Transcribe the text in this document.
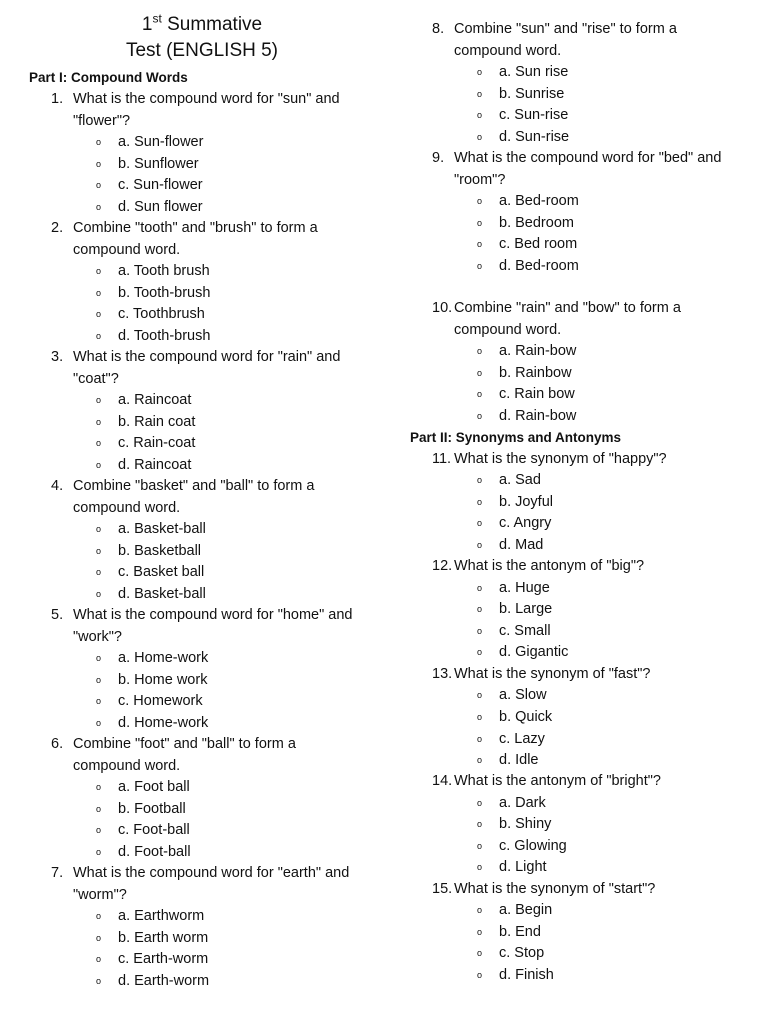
1st Summative
Test (ENGLISH 5)
Part I: Compound Words
1. What is the compound word for "sun" and "flower"?
o a. Sun-flower
o b. Sunflower
o c. Sun-flower
o d. Sun flower
2. Combine "tooth" and "brush" to form a compound word.
o a. Tooth brush
o b. Tooth-brush
o c. Toothbrush
o d. Tooth-brush
3. What is the compound word for "rain" and "coat"?
o a. Raincoat
o b. Rain coat
o c. Rain-coat
o d. Raincoat
4. Combine "basket" and "ball" to form a compound word.
o a. Basket-ball
o b. Basketball
o c. Basket ball
o d. Basket-ball
5. What is the compound word for "home" and "work"?
o a. Home-work
o b. Home work
o c. Homework
o d. Home-work
6. Combine "foot" and "ball" to form a compound word.
o a. Foot ball
o b. Football
o c. Foot-ball
o d. Foot-ball
7. What is the compound word for "earth" and "worm"?
o a. Earthworm
o b. Earth worm
o c. Earth-worm
o d. Earth-worm
8. Combine "sun" and "rise" to form a compound word.
o a. Sun rise
o b. Sunrise
o c. Sun-rise
o d. Sun-rise
9. What is the compound word for "bed" and "room"?
o a. Bed-room
o b. Bedroom
o c. Bed room
o d. Bed-room
10. Combine "rain" and "bow" to form a compound word.
o a. Rain-bow
o b. Rainbow
o c. Rain bow
o d. Rain-bow
Part II: Synonyms and Antonyms
11. What is the synonym of "happy"?
o a. Sad
o b. Joyful
o c. Angry
o d. Mad
12. What is the antonym of "big"?
o a. Huge
o b. Large
o c. Small
o d. Gigantic
13. What is the synonym of "fast"?
o a. Slow
o b. Quick
o c. Lazy
o d. Idle
14. What is the antonym of "bright"?
o a. Dark
o b. Shiny
o c. Glowing
o d. Light
15. What is the synonym of "start"?
o a. Begin
o b. End
o c. Stop
o d. Finish
